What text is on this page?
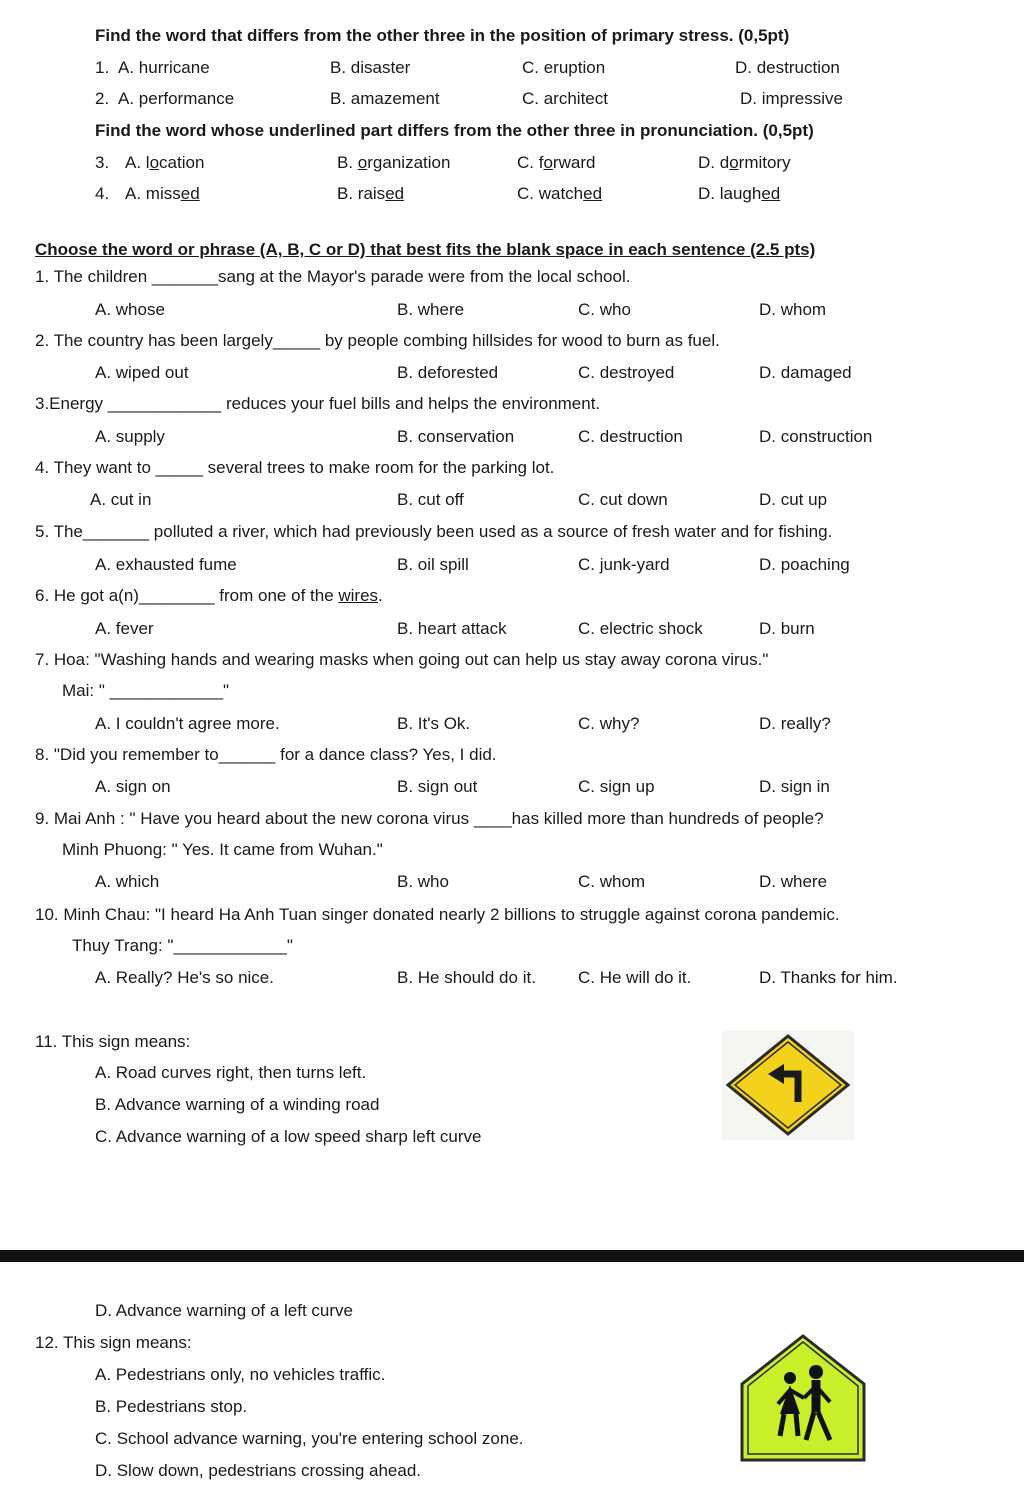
Find the word that differs from the other three in the position of primary stress. (0,5pt)
1. A. hurricane	B. disaster	C. eruption	D. destruction
2. A. performance	B. amazement	C. architect	D. impressive
Find the word whose underlined part differs from the other three in pronunciation. (0,5pt)
3. A. location	B. organization	C. forward	D. dormitory
4. A. missed	B. raised	C. watched	D. laughed
Choose the word or phrase (A, B, C or D) that best fits the blank space in each sentence (2.5 pts)
1. The children _______sang at the Mayor's parade were from the local school.
A. whose	B. where	C. who	D. whom
2. The country has been largely_____ by people combing hillsides for wood to burn as fuel.
A. wiped out	B. deforested	C. destroyed	D. damaged
3.Energy ____________ reduces your fuel bills and helps the environment.
A. supply	B. conservation	C. destruction	D. construction
4. They want to _____ several trees to make room for the parking lot.
A. cut in	B. cut off	C. cut down	D. cut up
5. The_______ polluted a river, which had previously been used as a source of fresh water and for fishing.
A. exhausted fume	B. oil spill	C. junk-yard	D. poaching
6. He got a(n)________ from one of the wires.
A. fever	B. heart attack	C. electric shock	D. burn
7. Hoa: "Washing hands and wearing masks when going out can help us stay away corona virus."
Mai: " ____________"
A. I couldn't agree more.	B. It's Ok.	C. why?	D. really?
8. "Did you remember to______ for a dance class? Yes, I did.
A. sign on	B. sign out	C. sign up	D. sign in
9. Mai Anh : " Have you heard about the new corona virus ____has killed more than hundreds of people?
Minh Phuong: " Yes. It came from Wuhan."
A. which	B. who	C. whom	D. where
10. Minh Chau: "I heard Ha Anh Tuan singer donated nearly 2 billions to struggle against corona pandemic.
Thuy Trang: "____________"
A. Really? He's so nice.	B. He should do it. C. He will do it.	D. Thanks for him.
11. This sign means:
A. Road curves right, then turns left.
B. Advance warning of a winding road
C. Advance warning of a low speed sharp left curve
D. Advance warning of a left curve
12. This sign means:
A. Pedestrians only, no vehicles traffic.
B. Pedestrians stop.
C. School advance warning, you're entering school zone.
D. Slow down, pedestrians crossing ahead.
